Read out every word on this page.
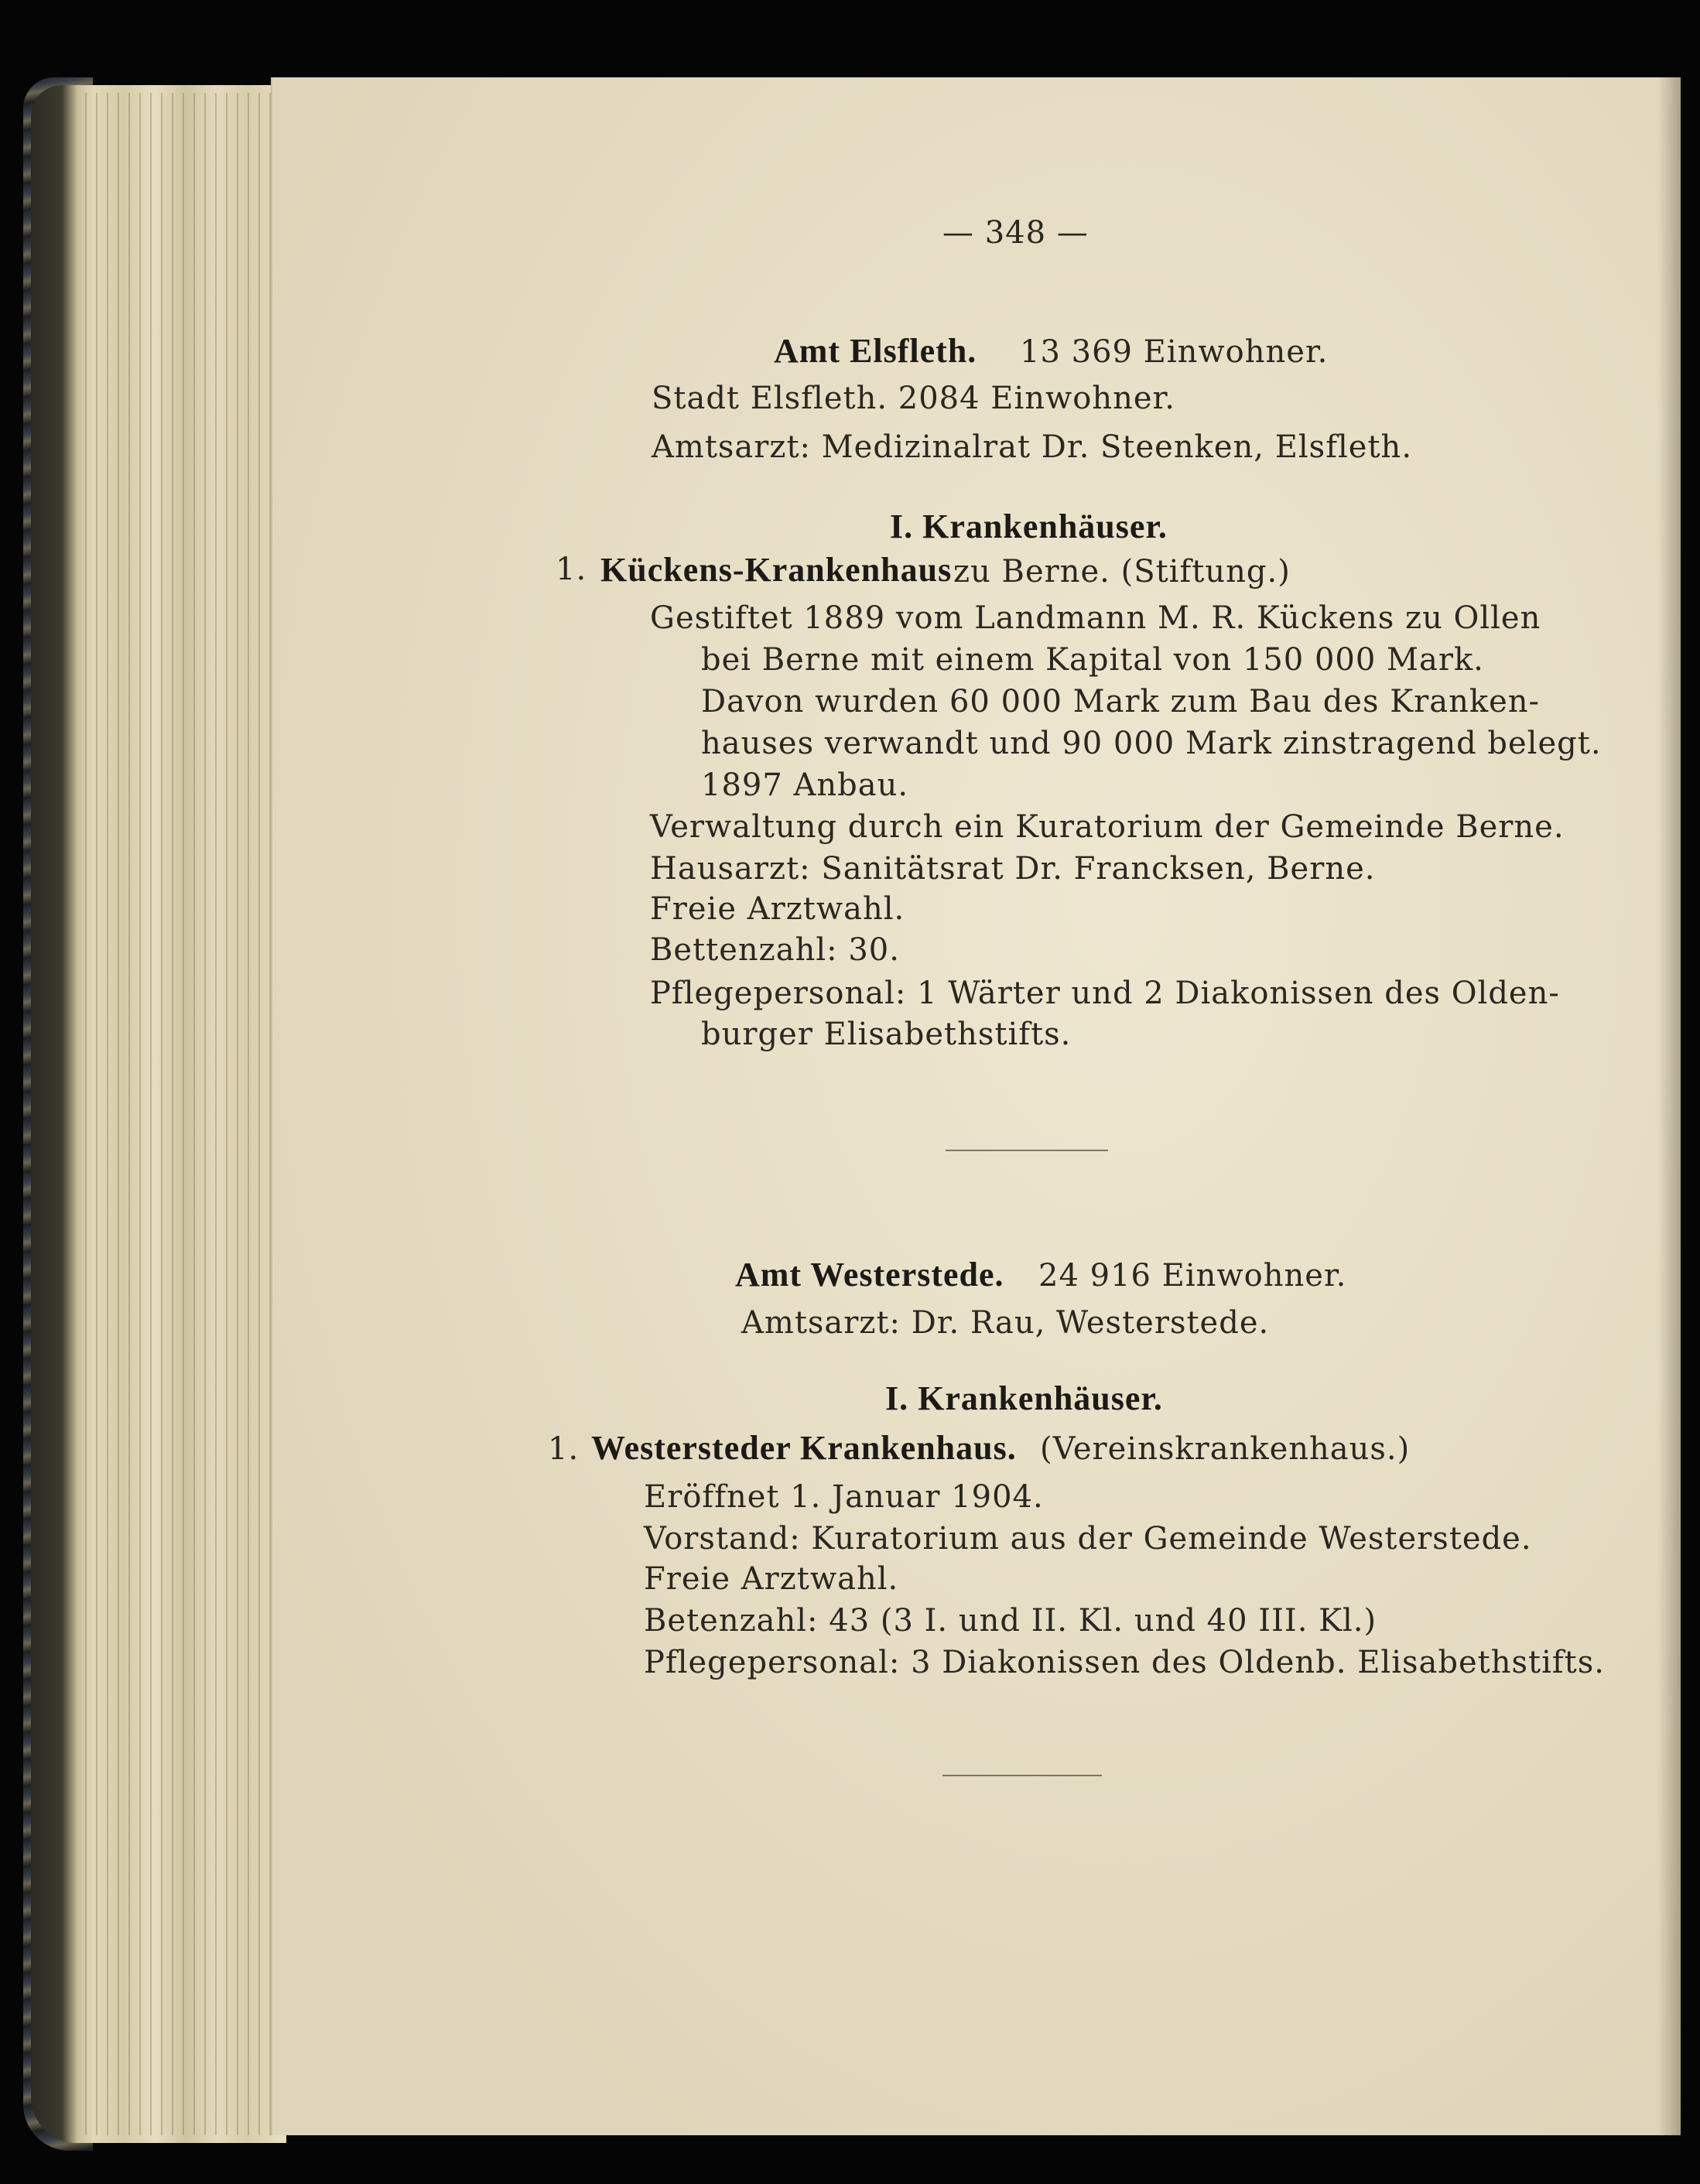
— 348 —
Amt Elsfleth. 13 369 Einwohner.
Stadt Elsfleth. 2084 Einwohner.
Amtsarzt: Medizinalrat Dr. Steenken, Elsfleth.
I. Krankenhäuser.
1. Kückens-Krankenhaus zu Berne. (Stiftung.)
Gestiftet 1889 vom Landmann M. R. Kückens zu Ollen
bei Berne mit einem Kapital von 150 000 Mark.
Davon wurden 60 000 Mark zum Bau des Kranken-
hauses verwandt und 90 000 Mark zinstragend belegt.
1897 Anbau.
Verwaltung durch ein Kuratorium der Gemeinde Berne.
Hausarzt: Sanitätsrat Dr. Francksen, Berne.
Freie Arztwahl.
Bettenzahl: 30.
Pflegepersonal: 1 Wärter und 2 Diakonissen des Olden-
burger Elisabethstifts.
Amt Westerstede. 24 916 Einwohner.
Amtsarzt: Dr. Rau, Westerstede.
I. Krankenhäuser.
1. Westersteder Krankenhaus. (Vereinskrankenhaus.)
Eröffnet 1. Januar 1904.
Vorstand: Kuratorium aus der Gemeinde Westerstede.
Freie Arztwahl.
Betenzahl: 43 (3 I. und II. Kl. und 40 III. Kl.)
Pflegepersonal: 3 Diakonissen des Oldenb. Elisabethstifts.
